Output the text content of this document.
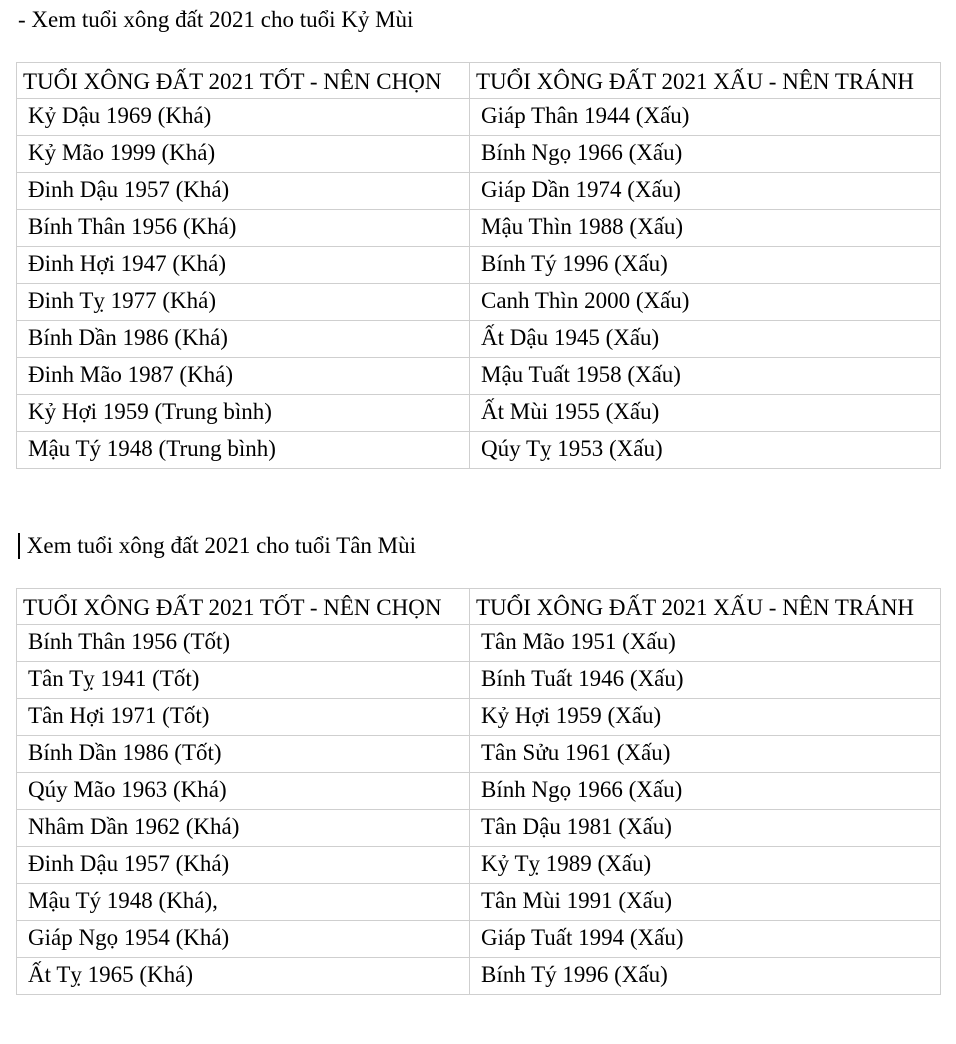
- Xem tuổi xông đất 2021 cho tuổi Kỷ Mùi
TUỔI XÔNG ĐẤT 2021 TỐT - NÊN CHỌN	TUỔI XÔNG ĐẤT 2021 XẤU - NÊN TRÁNH
Kỷ Dậu 1969 (Khá)	Giáp Thân 1944 (Xấu)
Kỷ Mão 1999 (Khá)	Bính Ngọ 1966 (Xấu)
Đinh Dậu 1957 (Khá)	Giáp Dần 1974 (Xấu)
Bính Thân 1956 (Khá)	Mậu Thìn 1988 (Xấu)
Đinh Hợi 1947 (Khá)	Bính Tý 1996 (Xấu)
Đinh Tỵ 1977 (Khá)	Canh Thìn 2000 (Xấu)
Bính Dần 1986 (Khá)	Ất Dậu 1945 (Xấu)
Đinh Mão 1987 (Khá)	Mậu Tuất 1958 (Xấu)
Kỷ Hợi 1959 (Trung bình)	Ất Mùi 1955 (Xấu)
Mậu Tý 1948 (Trung bình)	Qúy Tỵ 1953 (Xấu)
Xem tuổi xông đất 2021 cho tuổi Tân Mùi
TUỔI XÔNG ĐẤT 2021 TỐT - NÊN CHỌN	TUỔI XÔNG ĐẤT 2021 XẤU - NÊN TRÁNH
Bính Thân 1956 (Tốt)	Tân Mão 1951 (Xấu)
Tân Tỵ 1941 (Tốt)	Bính Tuất 1946 (Xấu)
Tân Hợi 1971 (Tốt)	Kỷ Hợi 1959 (Xấu)
Bính Dần 1986 (Tốt)	Tân Sửu 1961 (Xấu)
Qúy Mão 1963 (Khá)	Bính Ngọ 1966 (Xấu)
Nhâm Dần 1962 (Khá)	Tân Dậu 1981 (Xấu)
Đinh Dậu 1957 (Khá)	Kỷ Tỵ 1989 (Xấu)
Mậu Tý 1948 (Khá),	Tân Mùi 1991 (Xấu)
Giáp Ngọ 1954 (Khá)	Giáp Tuất 1994 (Xấu)
Ất Tỵ 1965 (Khá)	Bính Tý 1996 (Xấu)
